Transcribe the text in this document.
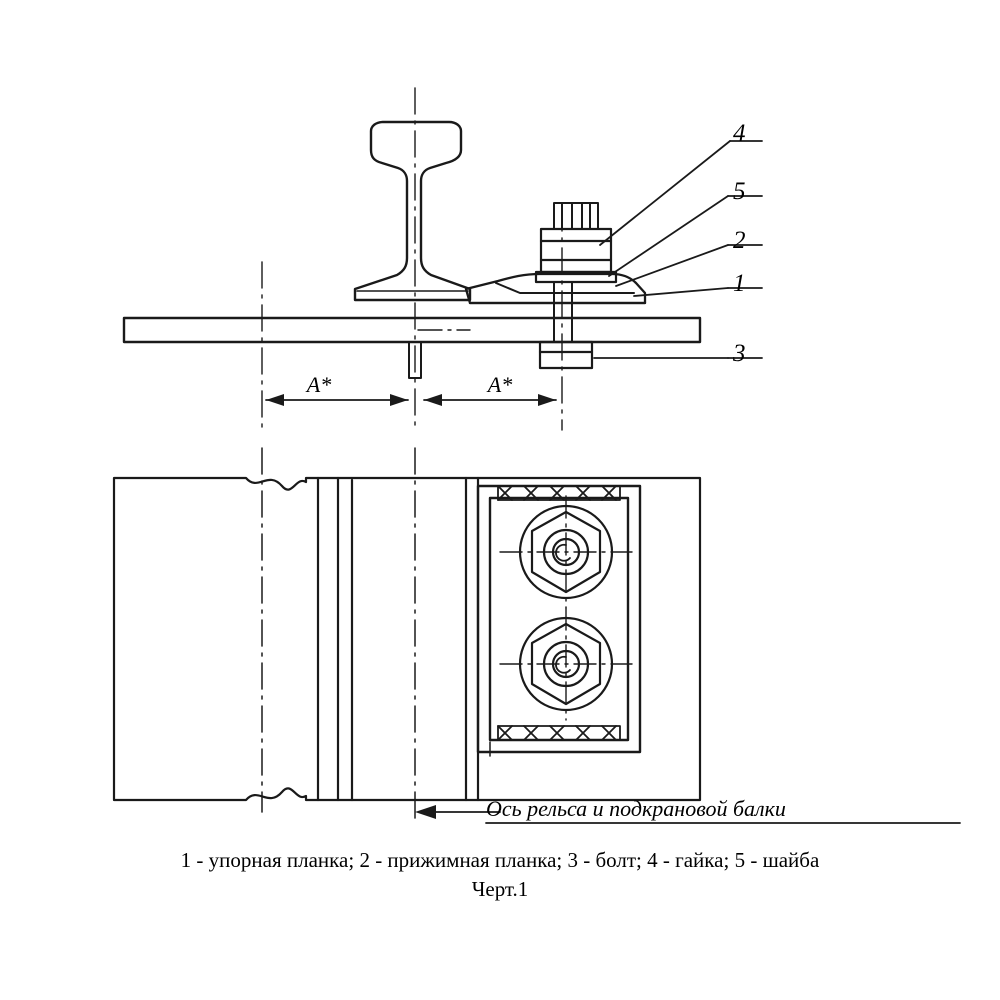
4
5
2
1
3
A*	A*
Ось рельса и подкрановой балки
1 - упорная планка; 2 - прижимная планка; 3 - болт; 4 - гайка; 5 - шайба
Черт.1
